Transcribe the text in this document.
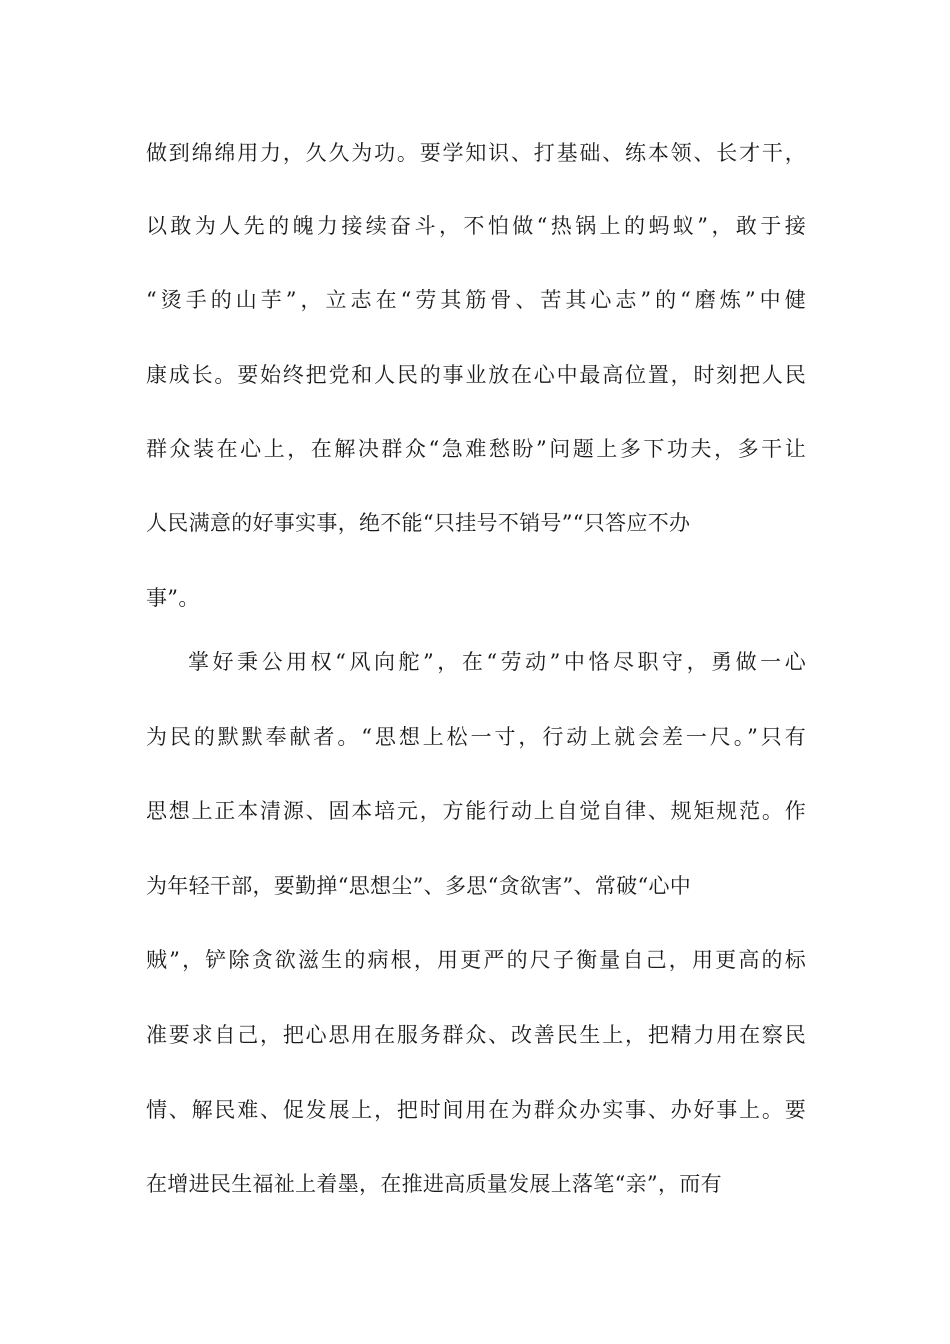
做到绵绵用力，久久为功。要学知识、打基础、练本领、长才干，
以敢为人先的魄力接续奋斗，不怕做“热锅上的蚂蚁”，敢于接
“烫手的山芋”，立志在“劳其筋骨、苦其心志”的“磨炼”中健
康成长。要始终把党和人民的事业放在心中最高位置，时刻把人民
群众装在心上，在解决群众“急难愁盼”问题上多下功夫，多干让
人民满意的好事实事，绝不能“只挂号不销号”“只答应不办
事”。
掌好秉公用权“风向舵”，在“劳动”中恪尽职守，勇做一心
为民的默默奉献者。“思想上松一寸，行动上就会差一尺。”只有
思想上正本清源、固本培元，方能行动上自觉自律、规矩规范。作
为年轻干部，要勤掸“思想尘”、多思“贪欲害”、常破“心中
贼”，铲除贪欲滋生的病根，用更严的尺子衡量自己，用更高的标
准要求自己，把心思用在服务群众、改善民生上，把精力用在察民
情、解民难、促发展上，把时间用在为群众办实事、办好事上。要
在增进民生福祉上着墨，在推进高质量发展上落笔“亲”，而有
